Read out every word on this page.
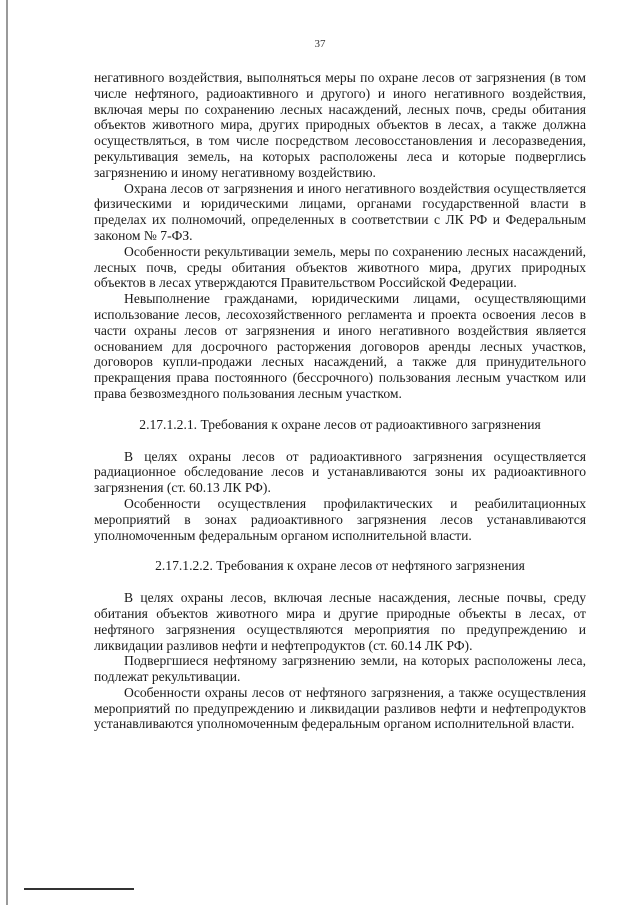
37

негативного воздействия, выполняться меры по охране лесов от загрязнения (в том числе нефтяного, радиоактивного и другого) и иного негативного воздействия, включая меры по сохранению лесных насаждений, лесных почв, среды обитания объектов животного мира, других природных объектов в лесах, а также должна осуществляться, в том числе посредством лесовосстановления и лесоразведения, рекультивация земель, на которых расположены леса и которые подверглись загрязнению и иному негативному воздействию.

Охрана лесов от загрязнения и иного негативного воздействия осуществляется физическими и юридическими лицами, органами государственной власти в пределах их полномочий, определенных в соответствии с ЛК РФ и Федеральным законом № 7-ФЗ.

Особенности рекультивации земель, меры по сохранению лесных насаждений, лесных почв, среды обитания объектов животного мира, других природных объектов в лесах утверждаются Правительством Российской Федерации.

Невыполнение гражданами, юридическими лицами, осуществляющими использование лесов, лесохозяйственного регламента и проекта освоения лесов в части охраны лесов от загрязнения и иного негативного воздействия является основанием для досрочного расторжения договоров аренды лесных участков, договоров купли-продажи лесных насаждений, а также для принудительного прекращения права постоянного (бессрочного) пользования лесным участком или права безвозмездного пользования лесным участком.

2.17.1.2.1. Требования к охране лесов от радиоактивного загрязнения

В целях охраны лесов от радиоактивного загрязнения осуществляется радиационное обследование лесов и устанавливаются зоны их радиоактивного загрязнения (ст. 60.13 ЛК РФ).

Особенности осуществления профилактических и реабилитационных мероприятий в зонах радиоактивного загрязнения лесов устанавливаются уполномоченным федеральным органом исполнительной власти.

2.17.1.2.2. Требования к охране лесов от нефтяного загрязнения

В целях охраны лесов, включая лесные насаждения, лесные почвы, среду обитания объектов животного мира и другие природные объекты в лесах, от нефтяного загрязнения осуществляются мероприятия по предупреждению и ликвидации разливов нефти и нефтепродуктов (ст. 60.14 ЛК РФ).

Подвергшиеся нефтяному загрязнению земли, на которых расположены леса, подлежат рекультивации.

Особенности охраны лесов от нефтяного загрязнения, а также осуществления мероприятий по предупреждению и ликвидации разливов нефти и нефтепродуктов устанавливаются уполномоченным федеральным органом исполнительной власти.
